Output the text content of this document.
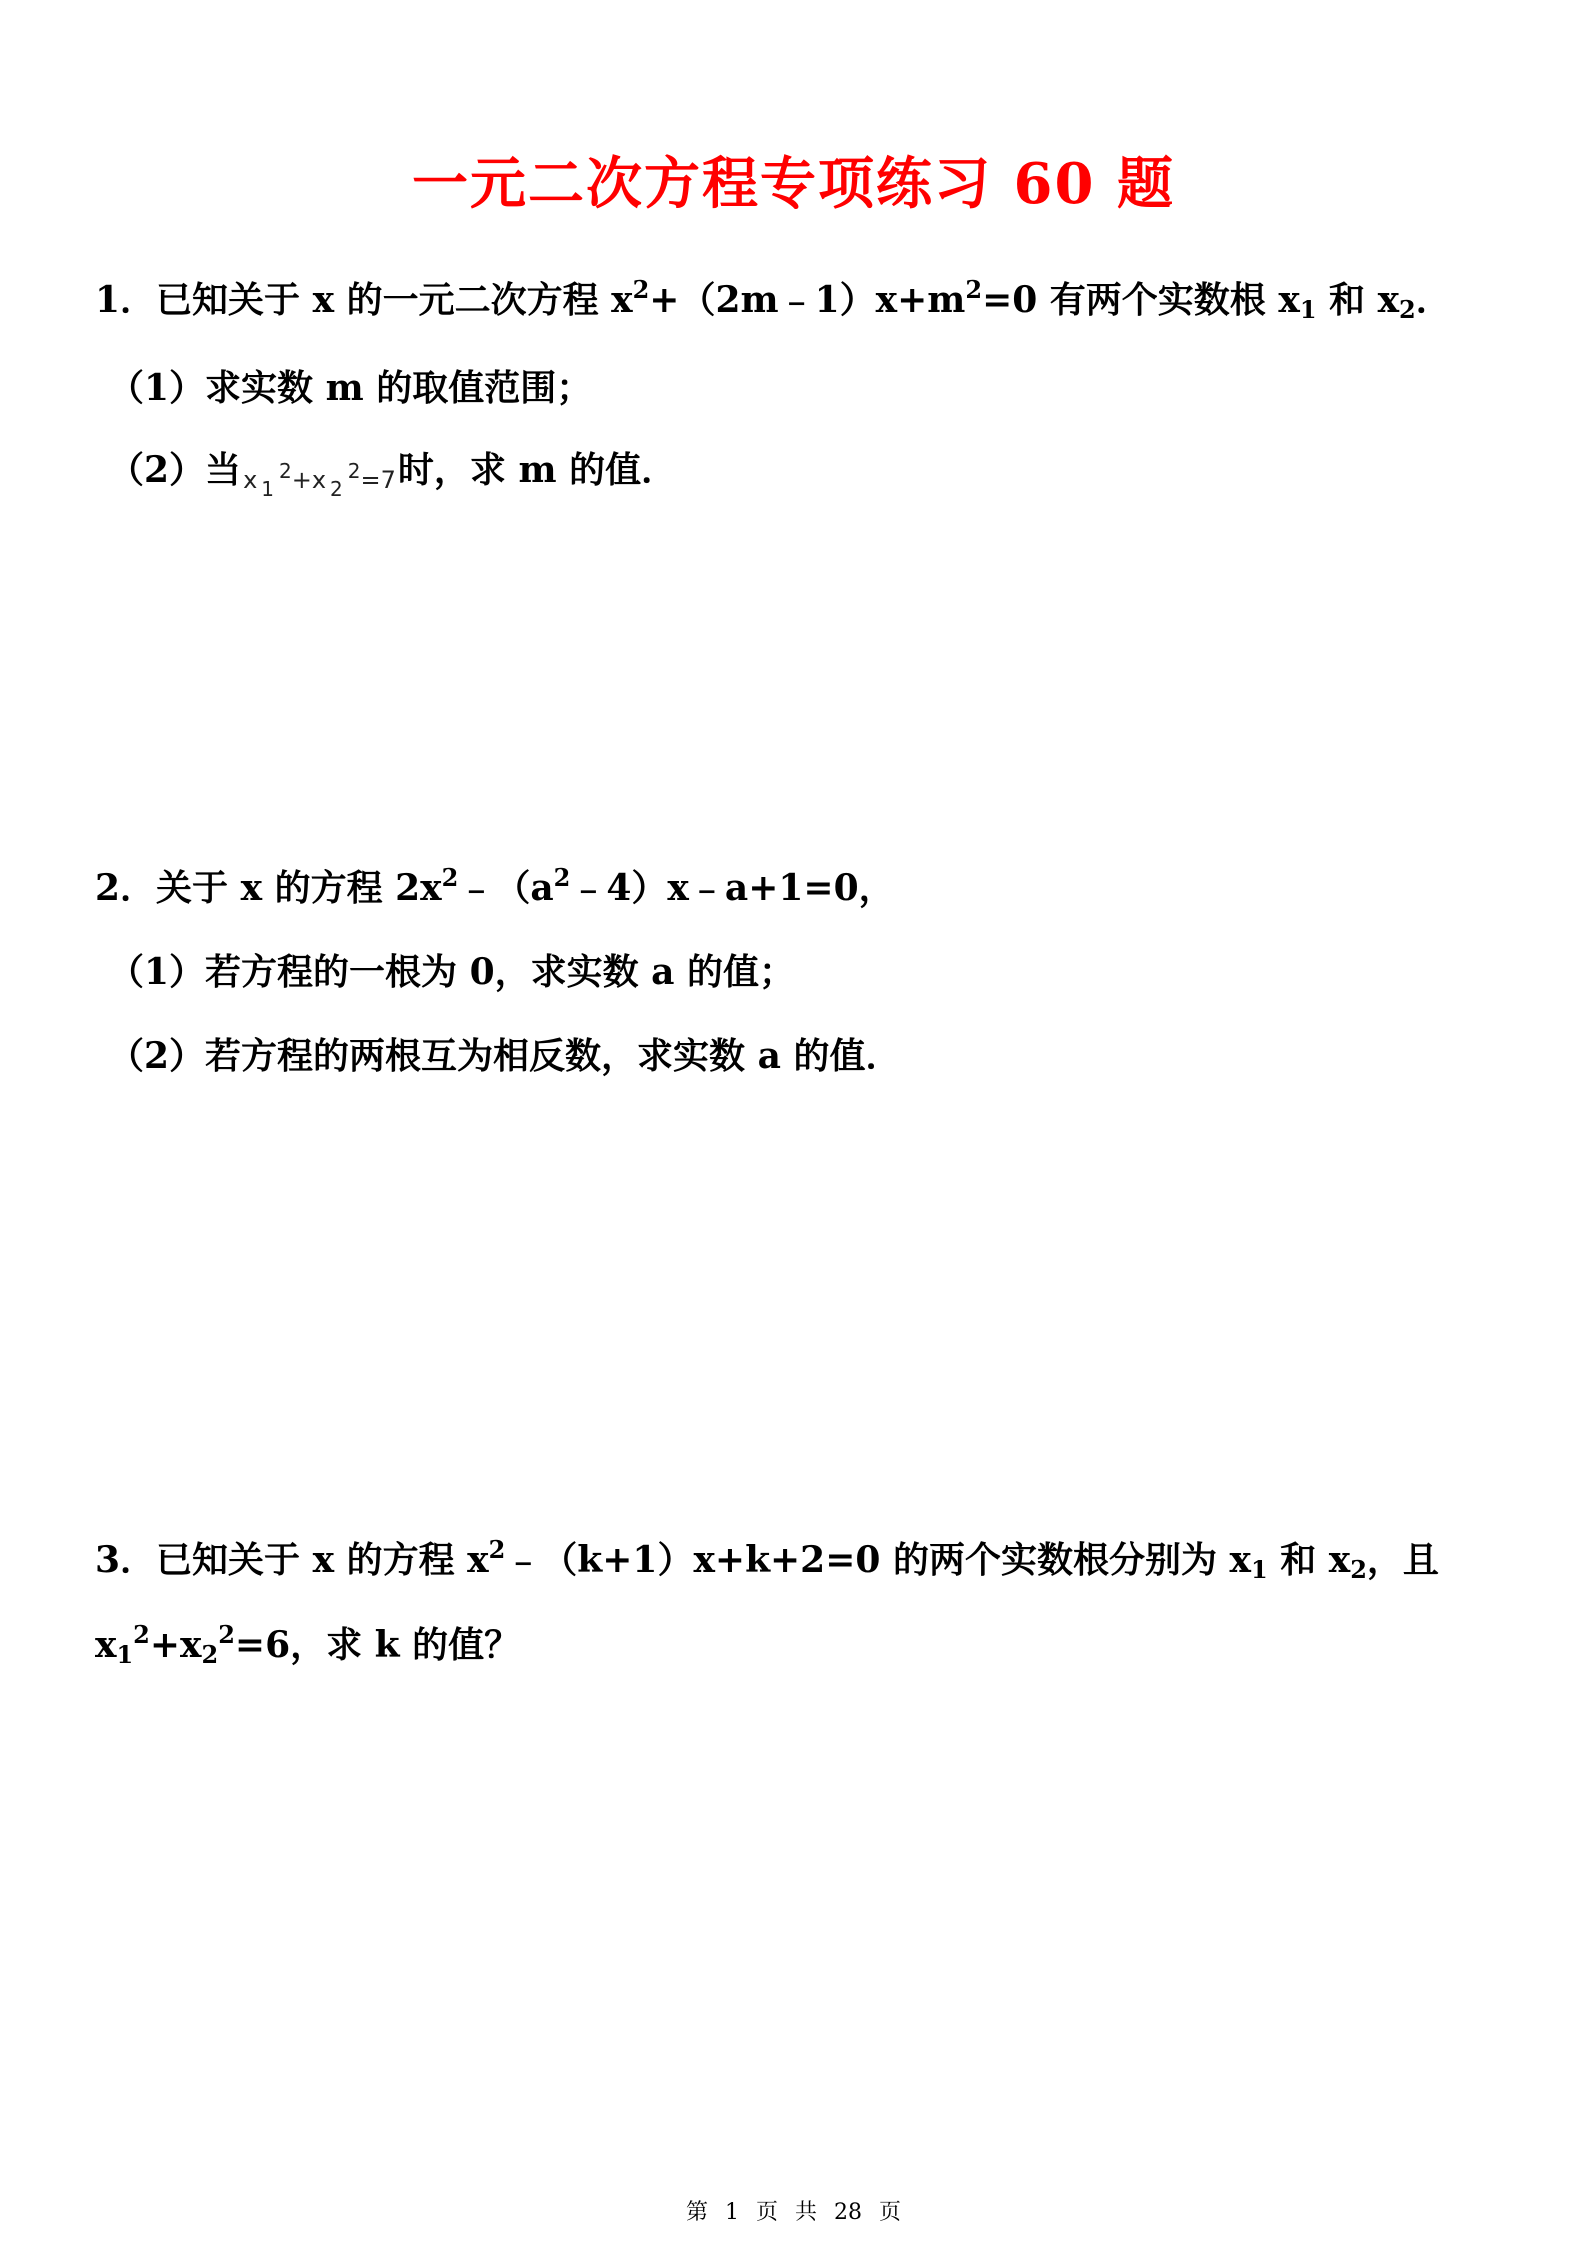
一元二次方程专项练习 60 题
1．已知关于 x 的一元二次方程 $x^2+(2m﹣1)x+m^2=0$ 有两个实数根 $x_1$ 和 $x_2$．
（1）求实数 m 的取值范围；
（2）当x $_1^2$+x $_2^2$=7时，求 m 的值．
2．关于 x 的方程 $2x^2﹣(a^2﹣4)x﹣a+1=0$，
（1）若方程的一根为 0，求实数 a 的值；
（2）若方程的两根互为相反数，求实数 a 的值．
3．已知关于 x 的方程 $x^2﹣(k+1)x+k+2=0$ 的两个实数根分别为 $x_1$ 和 $x_2$，且
$x_1^2+x_2^2=6$，求 k 的值？
第 1 页 共 28 页
